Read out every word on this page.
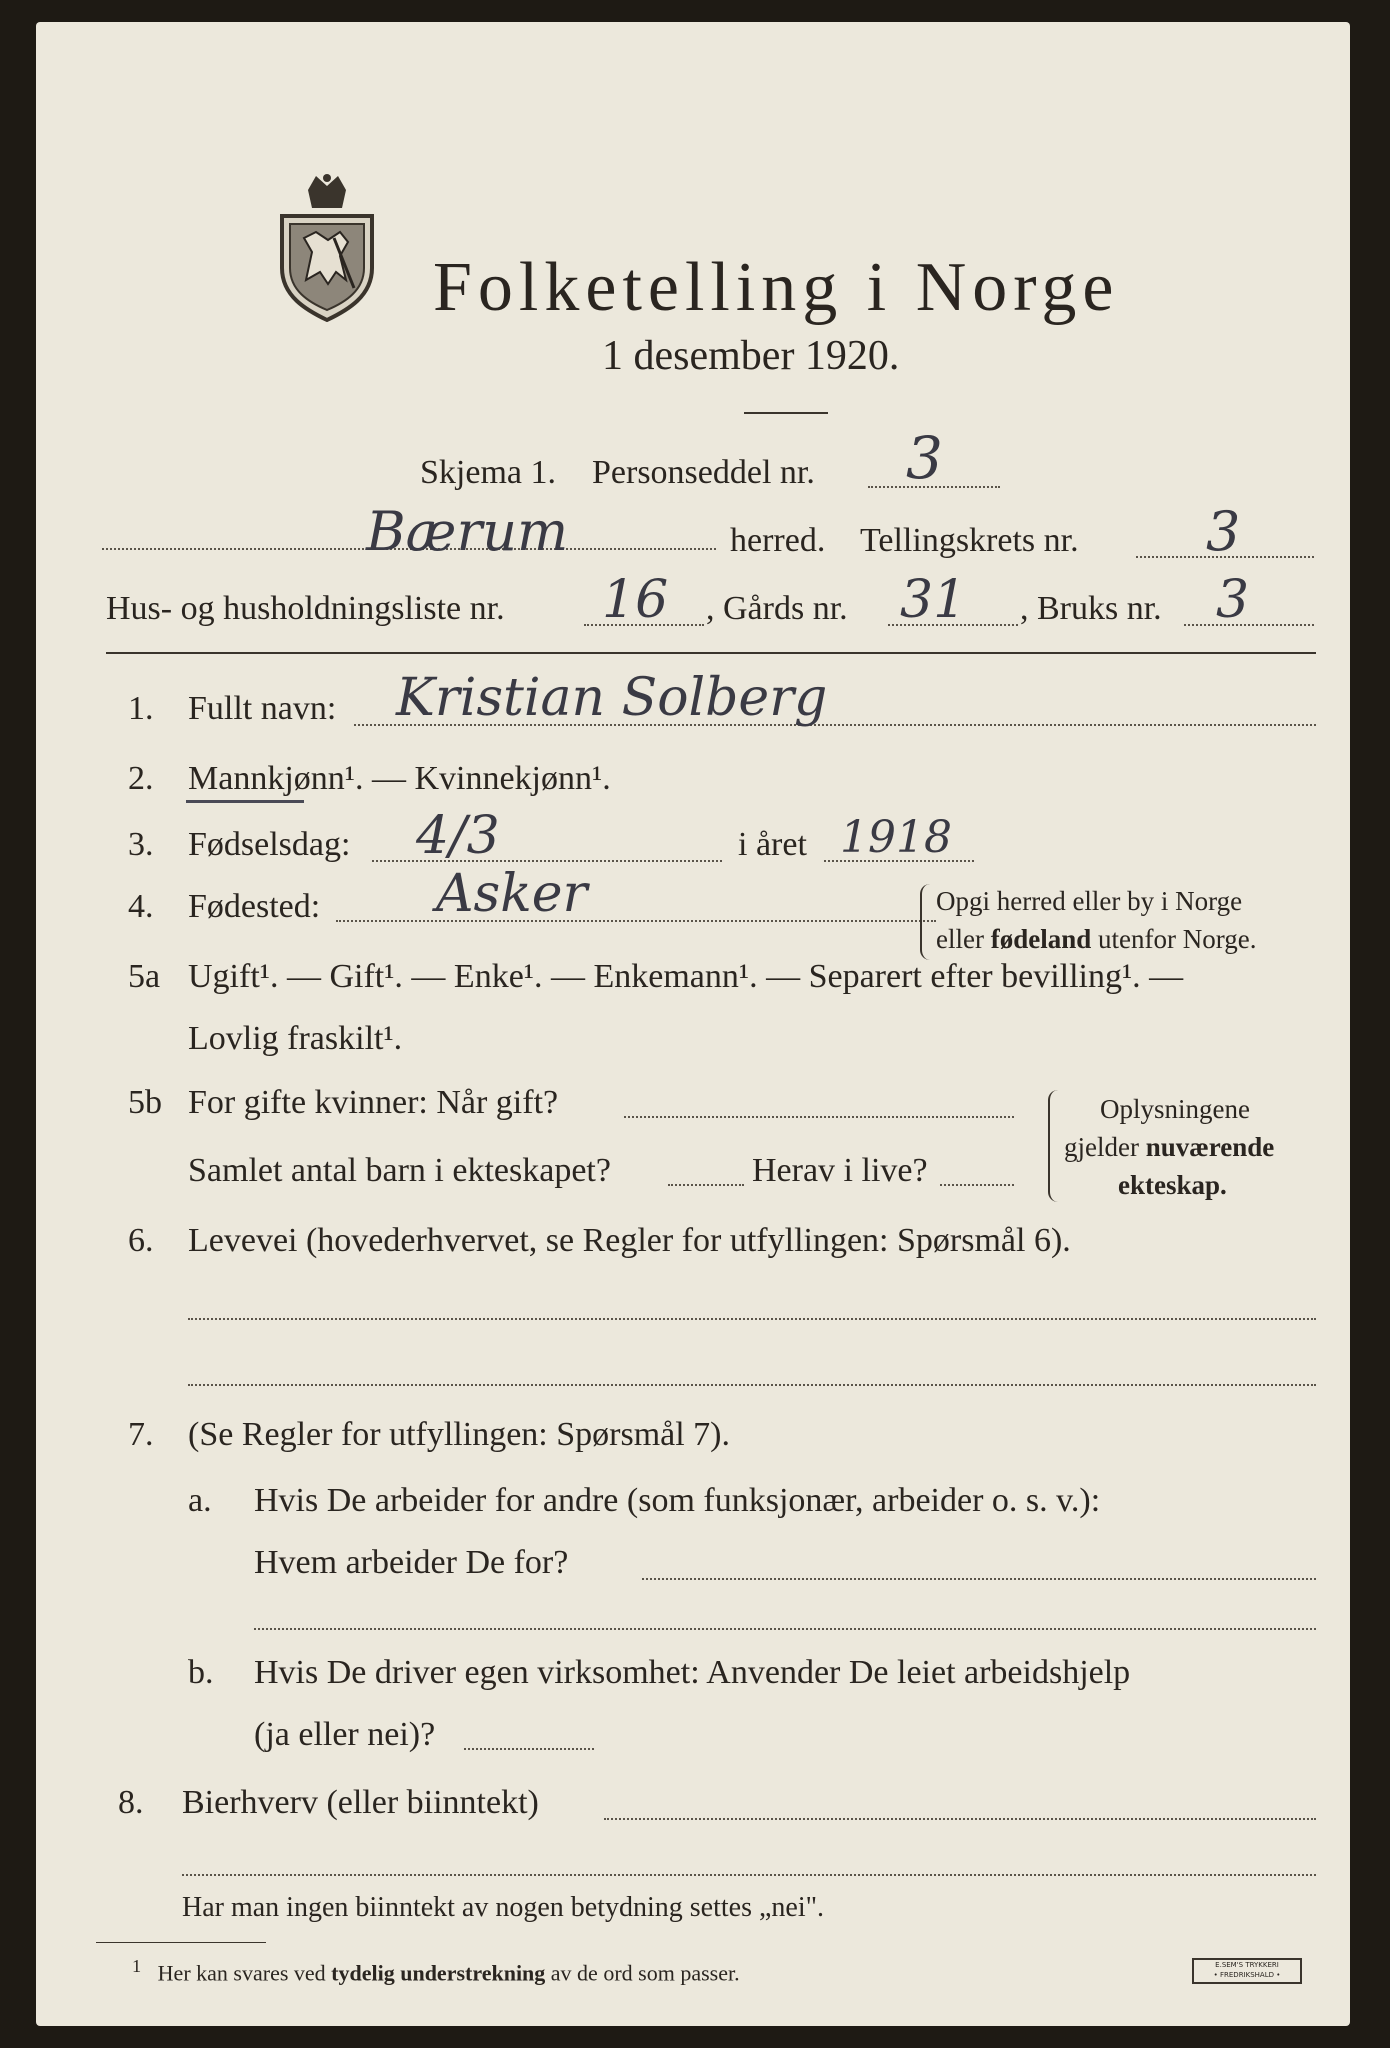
Folketelling i Norge
1 desember 1920.
Skjema 1. Personseddel nr. 3
Bærum	herred. Tellingskrets nr. 3
Hus- og husholdningsliste nr. 16 , Gårds nr. 31 , Bruks nr. 3
1. Fullt navn: Kristian Solberg
2. Mannkjønn¹. — Kvinnekjønn¹.
3. Fødselsdag: 4/3	i året 1918
4. Fødested: Asker	Opgi herred eller by i Norge
eller fødeland utenfor Norge.
5a Ugift¹. — Gift¹. — Enke¹. — Enkemann¹. — Separert efter bevilling¹. —
Lovlig fraskilt¹.
5b For gifte kvinner: Når gift?
Samlet antal barn i ekteskapet?	Herav i live?
Oplysningene
gjelder nuværende
ekteskap.
6. Levevei (hovederhvervet, se Regler for utfyllingen: Spørsmål 6).
7. (Se Regler for utfyllingen: Spørsmål 7).
a. Hvis De arbeider for andre (som funksjonær, arbeider o. s. v.):
Hvem arbeider De for?
b. Hvis De driver egen virksomhet: Anvender De leiet arbeidshjelp
(ja eller nei)?
8. Bierhverv (eller biinntekt)
Har man ingen biinntekt av nogen betydning settes „nei".
$^1$ Her kan svares ved tydelig understrekning av de ord som passer.	E.SEM'S TRYKKERI
• FREDRIKSHALD •
